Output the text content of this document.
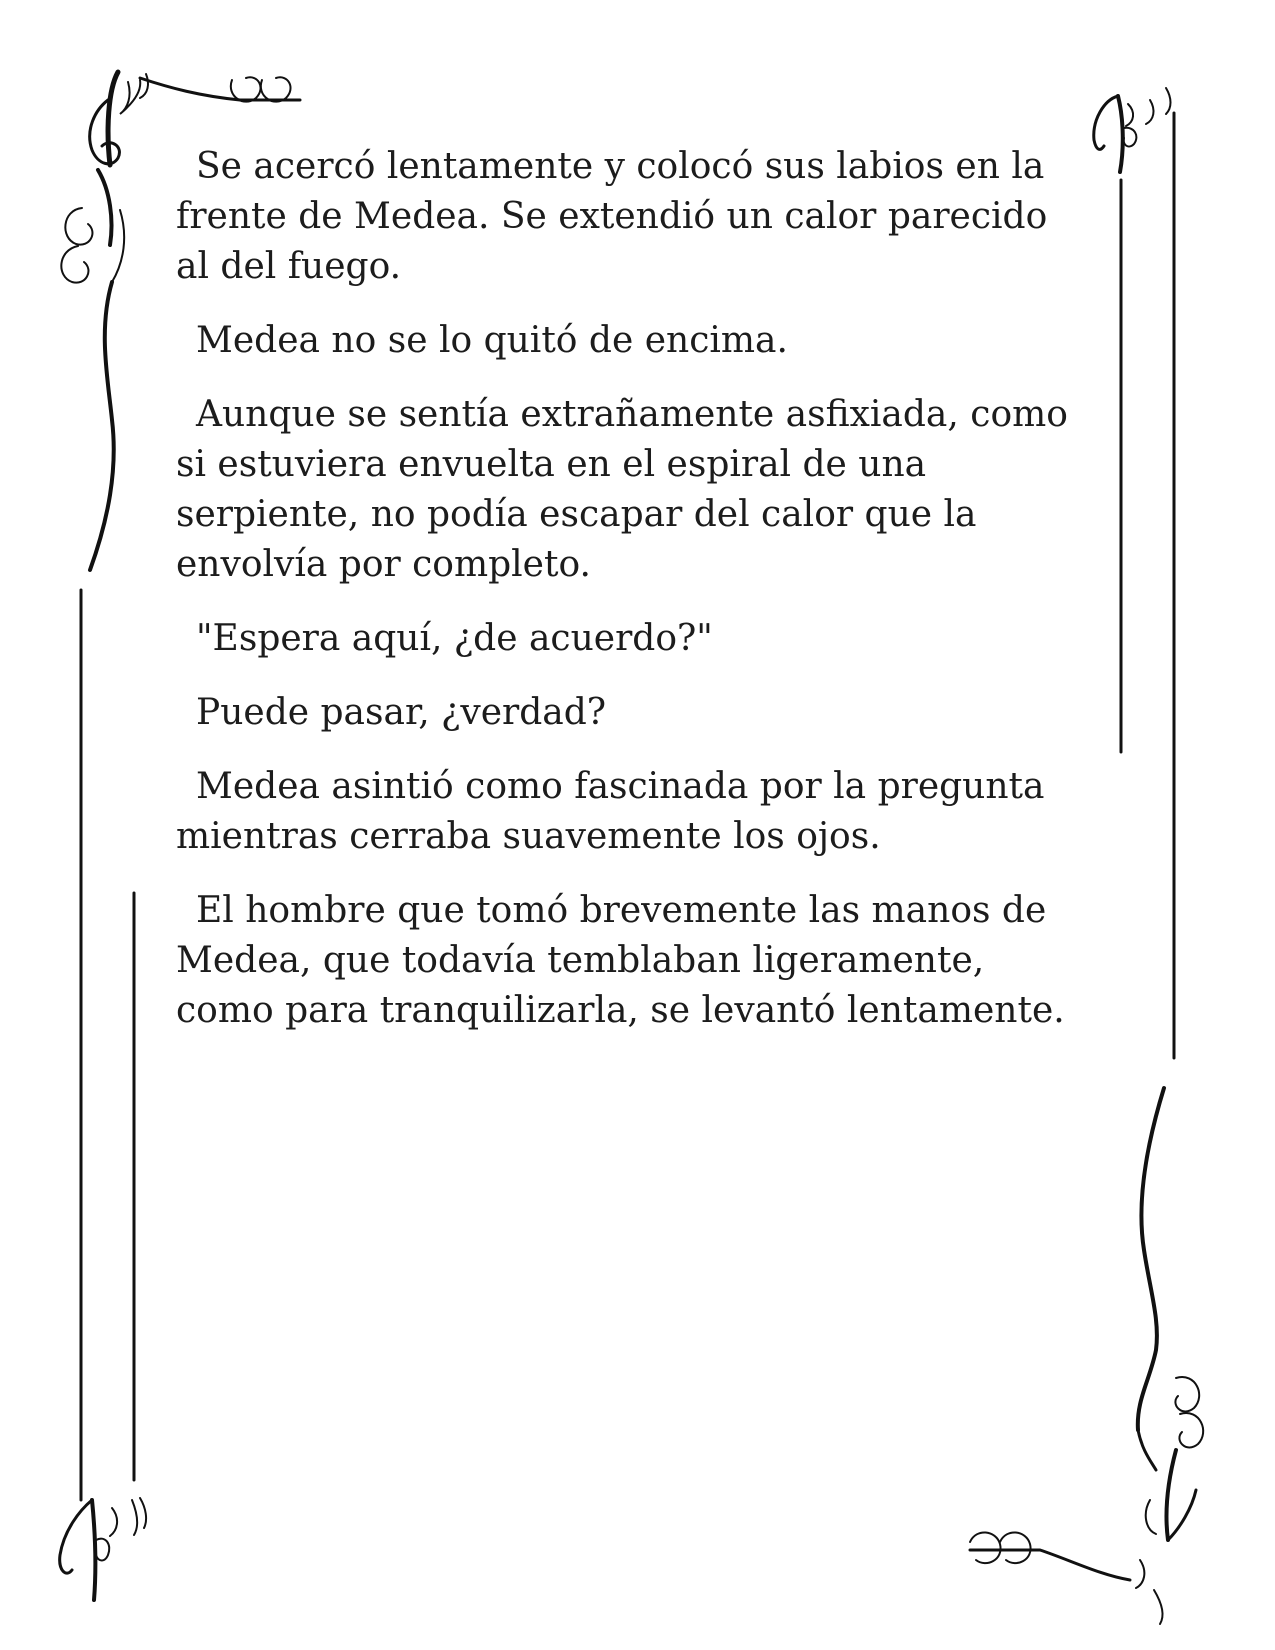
Se acercó lentamente y colocó sus labios en la frente de Medea. Se extendió un calor parecido al del fuego.

Medea no se lo quitó de encima.

Aunque se sentía extrañamente asfixiada, como si estuviera envuelta en el espiral de una serpiente, no podía escapar del calor que la envolvía por completo.

"Espera aquí, ¿de acuerdo?"

Puede pasar, ¿verdad?

Medea asintió como fascinada por la pregunta mientras cerraba suavemente los ojos.

El hombre que tomó brevemente las manos de Medea, que todavía temblaban ligeramente, como para tranquilizarla, se levantó lentamente.
